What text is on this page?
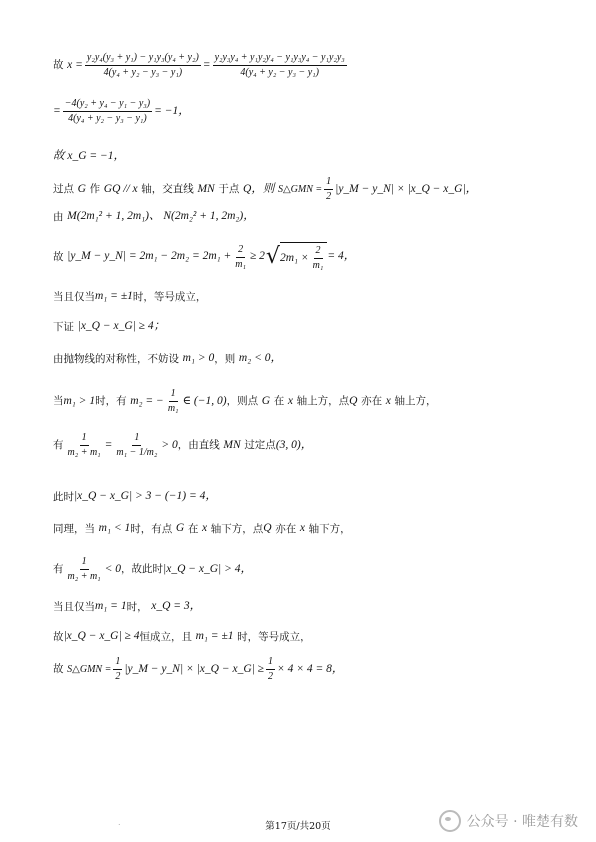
故
$x = \frac{\text{y₂y₄(y₃ + y₁) − y₁y₃(y₄ + y₂)}}{\text{4(y₄ + y₂ − y₃ − y₁)}} = \frac{\text{y₂y₃y₄ + y₁y₂y₄ − y₁y₃y₄ − y₁y₂y₃}}{\text{4(y₄ + y₂ − y₃ − y₁)}}$
= $\frac{\text{−4(y₂ + y₄ − y₁ − y₃)}}{\text{4(y₄ + y₂ − y₃ − y₁)}} = -1$，
故 x_G = −1，
过点
G
作
GQ // x
轴，交直线
MN
于点
Q，则
S△GMN = $\frac{1}{2}$ |y_M − y_N| × |x_Q − x_G|，
由
M(2m₁² + 1, 2m₁)、 N(2m₂² + 1, 2m₂)，
故
|y_M − y_N| = $2m_1 - 2m_2 = 2m_1 + \frac{2}{\text{m₁}} \ge 2$ √ $2m_1 \times \frac{2}{\text{m₁}} = 4$，
当且仅当 m₁ = ±1 时，等号成立，
下证
|x_Q − x_G| ≥ 4；
由抛物线的对称性，不妨设
m₁ > 0 ，则
m₂ < 0，
当 m₁ > 1 时，有
m₂ = − $\frac{1}{\text{m₁}}$ ∈ (−1, 0) ，则点
G
在
x
轴上方，点 Q
亦在
x
轴上方，
有 $\frac{1}{\text{m₂ + m₁}} = \frac{1}{\text{m₁ − 1/m₂}} > 0$ ，由直线
MN
过定点 (3, 0)，
此时 |x_Q − x_G| > 3 − (−1) = 4，
同理，当
m₁ < 1 时，有点
G
在
x
轴下方，点 Q
亦在
x
轴下方，
有 $\frac{1}{\text{m₂ + m₁}} < 0$ ，故此时 |x_Q − x_G| > 4，
当且仅当 m₁ = 1 时，
x_Q = 3，
故 |x_Q − x_G| ≥ 4 恒成立，且
m₁ = ±1
时，等号成立，
故
S△GMN = $\frac{1}{2}$ |y_M − y_N| × |x_Q − x_G| ≥ $\frac{1}{2} \times 4 \times 4 = 8$，
.	第17页/共20页	公众号 · 唯楚有数
